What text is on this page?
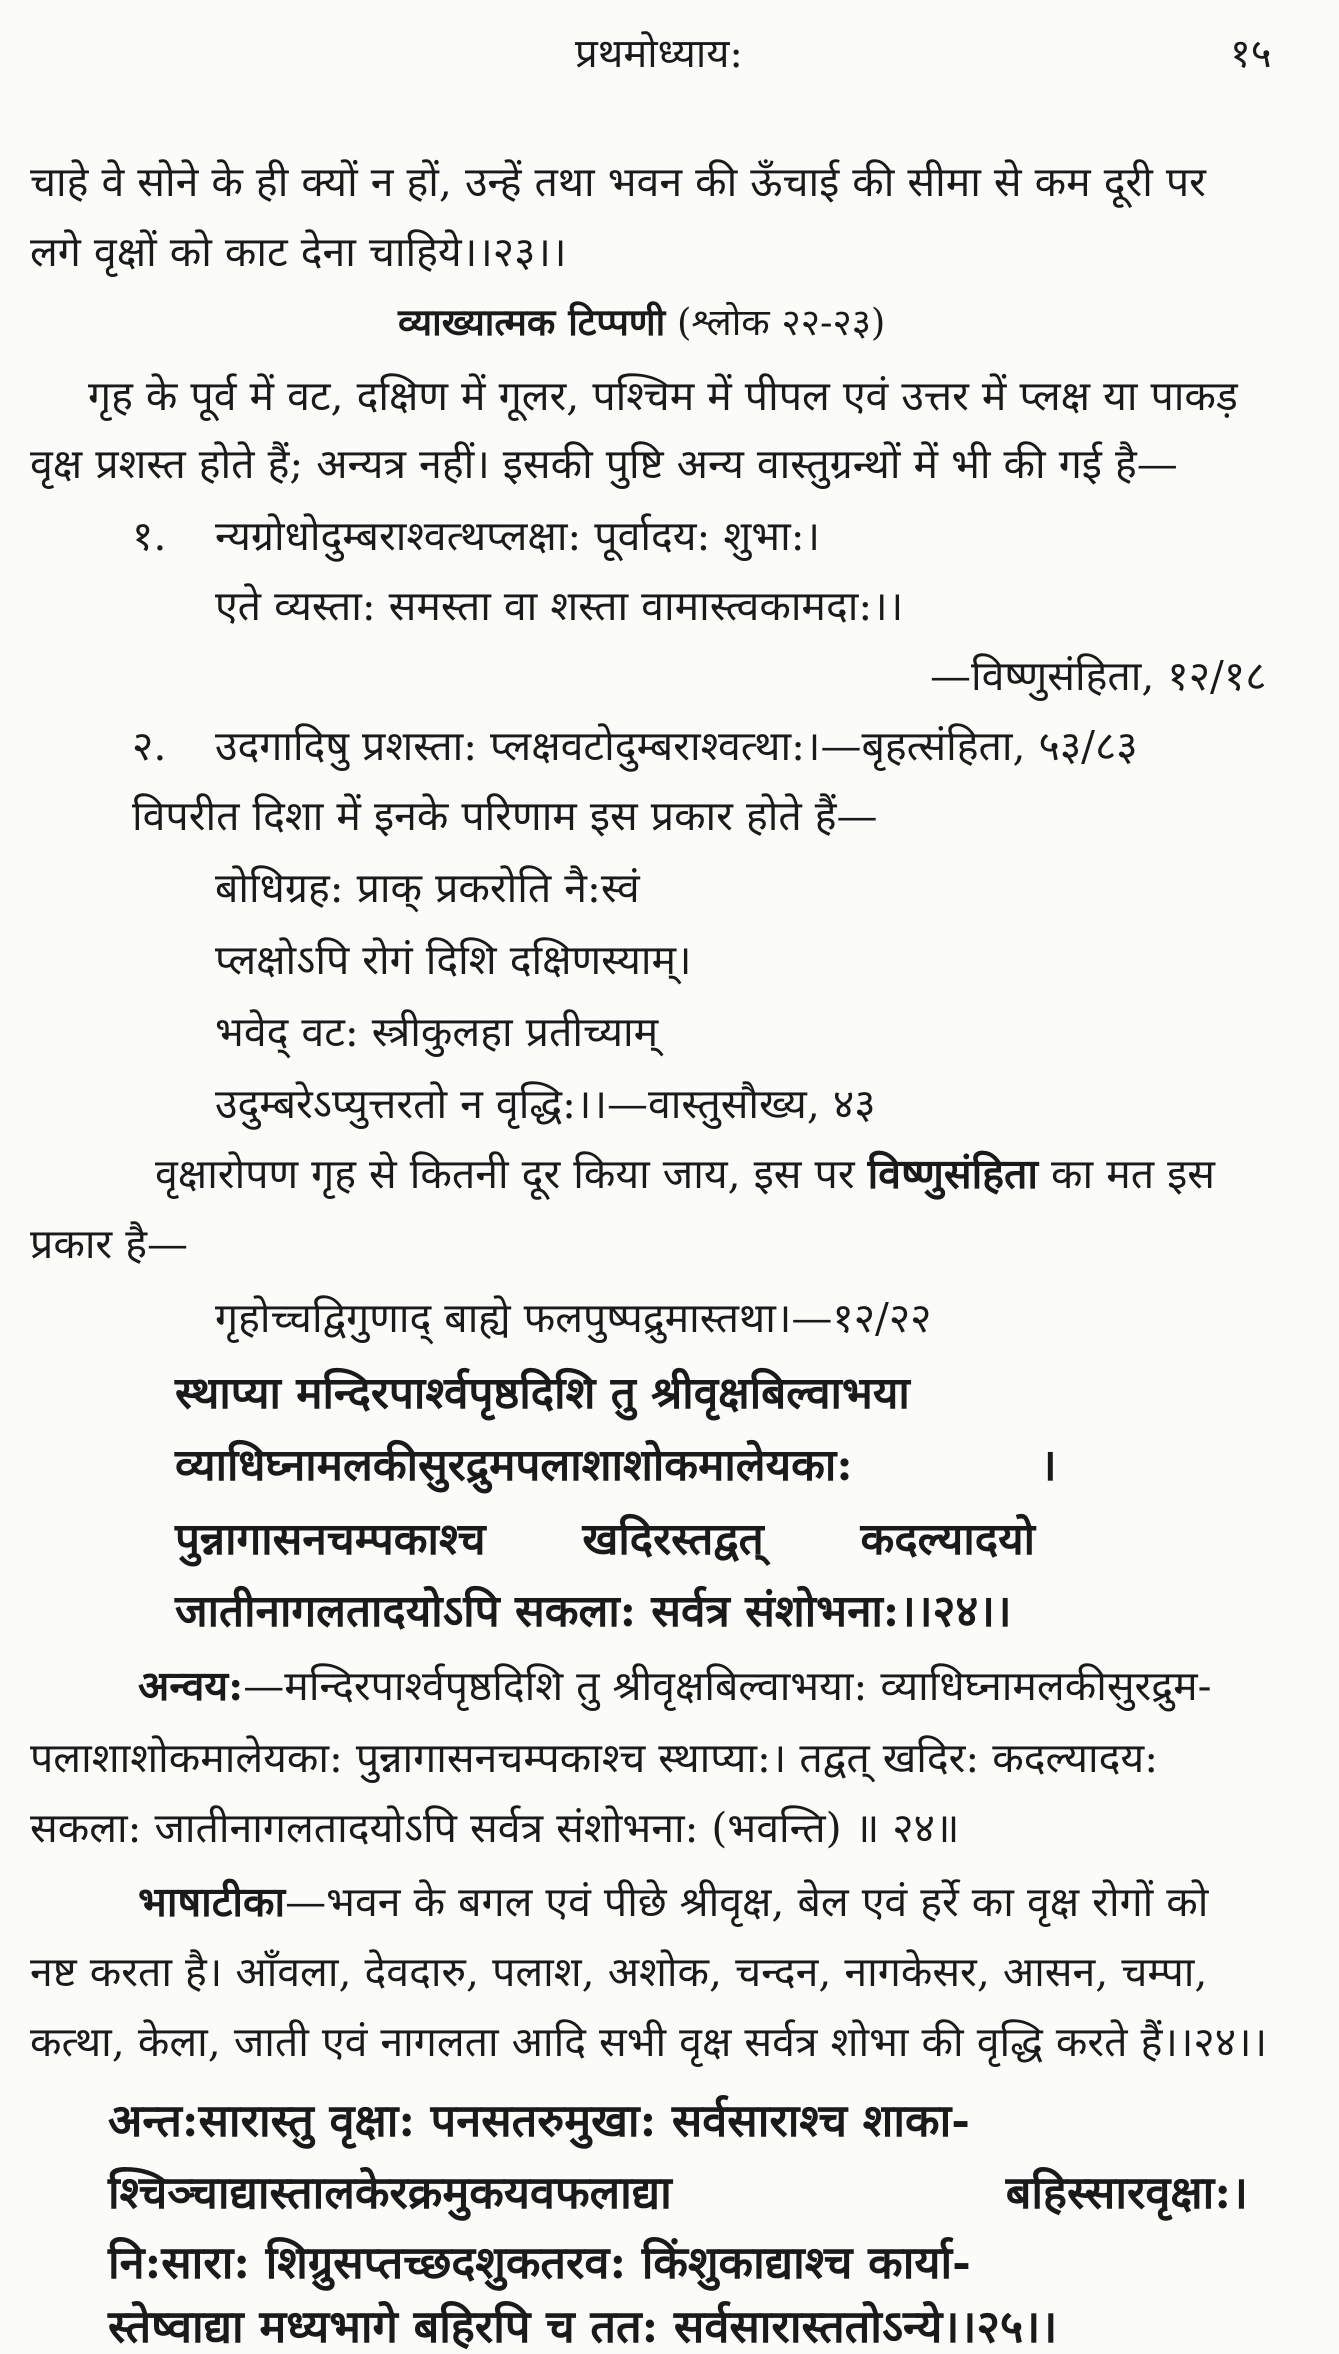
प्रथमोध्याय:	१५
चाहे वे सोने के ही क्यों न हों, उन्हें तथा भवन की ऊँचाई की सीमा से कम दूरी पर
लगे वृक्षों को काट देना चाहिये।।२३।।
व्याख्यात्मक टिप्पणी (श्लोक २२-२३)
गृह के पूर्व में वट, दक्षिण में गूलर, पश्चिम में पीपल एवं उत्तर में प्लक्ष या पाकड़
वृक्ष प्रशस्त होते हैं; अन्यत्र नहीं। इसकी पुष्टि अन्य वास्तुग्रन्थों में भी की गई है—
१. न्यग्रोधोदुम्बराश्वत्थप्लक्षा: पूर्वादय: शुभा:।
एते व्यस्ता: समस्ता वा शस्ता वामास्त्वकामदा:।।
—विष्णुसंहिता, १२/१८
२. उदगादिषु प्रशस्ता: प्लक्षवटोदुम्बराश्वत्था:।—बृहत्संहिता, ५३/८३
विपरीत दिशा में इनके परिणाम इस प्रकार होते हैं—
बोधिग्रह: प्राक् प्रकरोति नै:स्वं
प्लक्षोऽपि रोगं दिशि दक्षिणस्याम्।
भवेद् वट: स्त्रीकुलहा प्रतीच्याम्
उदुम्बरेऽप्युत्तरतो न वृद्धि:।।—वास्तुसौख्य, ४३
वृक्षारोपण गृह से कितनी दूर किया जाय, इस पर विष्णुसंहिता का मत इस
प्रकार है—
गृहोच्चद्विगुणाद् बाह्ये फलपुष्पद्रुमास्तथा।—१२/२२
स्थाप्या मन्दिरपार्श्वपृष्ठदिशि तु श्रीवृक्षबिल्वाभया
व्याधिघ्नामलकीसुरद्रुमपलाशाशोकमालेयका:	।
पुन्नागासनचम्पकाश्च खदिरस्तद्वत् कदल्यादयो
जातीनागलतादयोऽपि सकला: सर्वत्र संशोभना:।।२४।।
अन्वय:—मन्दिरपार्श्वपृष्ठदिशि तु श्रीवृक्षबिल्वाभया: व्याधिघ्नामलकीसुरद्रुम-
पलाशाशोकमालेयका: पुन्नागासनचम्पकाश्च स्थाप्या:। तद्वत् खदिर: कदल्यादय:
सकला: जातीनागलतादयोऽपि सर्वत्र संशोभना: (भवन्ति) ॥ २४॥
भाषाटीका—भवन के बगल एवं पीछे श्रीवृक्ष, बेल एवं हर्रे का वृक्ष रोगों को
नष्ट करता है। आँवला, देवदारु, पलाश, अशोक, चन्दन, नागकेसर, आसन, चम्पा,
कत्था, केला, जाती एवं नागलता आदि सभी वृक्ष सर्वत्र शोभा की वृद्धि करते हैं।।२४।।
अन्त:सारास्तु वृक्षा: पनसतरुमुखा: सर्वसाराश्च शाका-
श्चिञ्चाद्यास्तालकेरक्रमुकयवफलाद्या	बहिस्सारवृक्षा:।
नि:सारा: शिग्रुसप्तच्छदशुकतरव: किंशुकाद्याश्च कार्या-
स्तेष्वाद्या मध्यभागे बहिरपि च तत: सर्वसारास्ततोऽन्ये।।२५।।
